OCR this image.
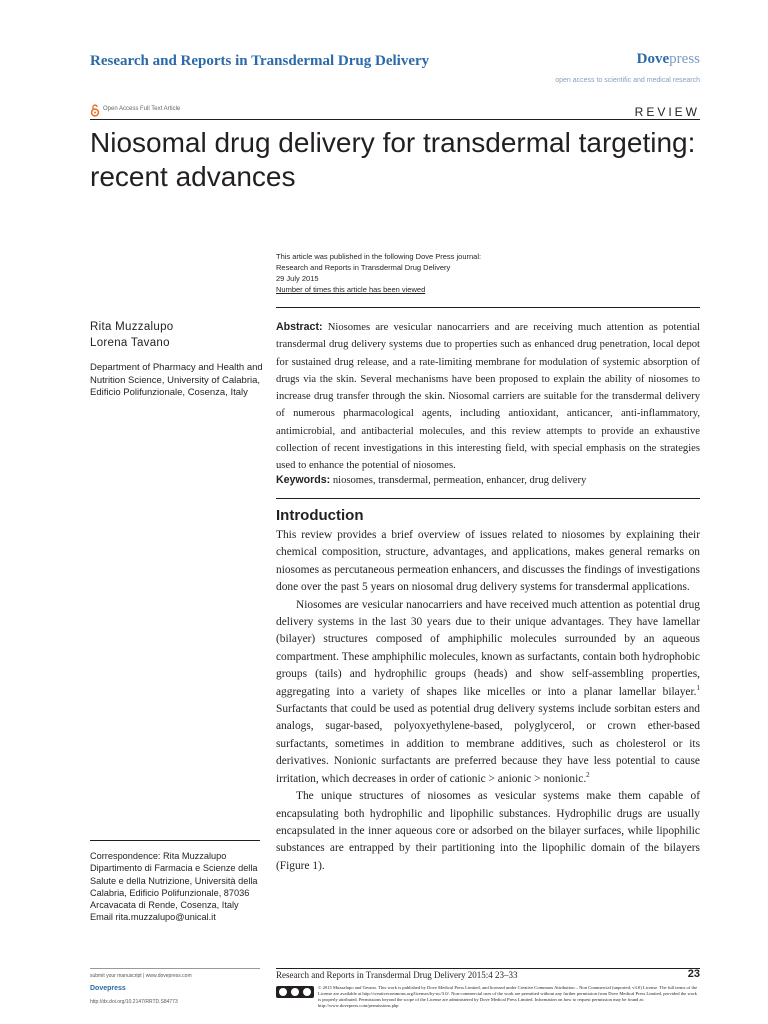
Research and Reports in Transdermal Drug Delivery	Dovepress
open access to scientific and medical research
Open Access Full Text Article	REVIEW
Niosomal drug delivery for transdermal targeting: recent advances
This article was published in the following Dove Press journal:
Research and Reports in Transdermal Drug Delivery
29 July 2015
Number of times this article has been viewed
Rita Muzzalupo
Lorena Tavano
Department of Pharmacy and Health and Nutrition Science, University of Calabria, Edificio Polifunzionale, Cosenza, Italy
Abstract: Niosomes are vesicular nanocarriers and are receiving much attention as potential transdermal drug delivery systems due to properties such as enhanced drug penetration, local depot for sustained drug release, and a rate-limiting membrane for modulation of systemic absorption of drugs via the skin. Several mechanisms have been proposed to explain the ability of niosomes to increase drug transfer through the skin. Niosomal carriers are suitable for the transdermal delivery of numerous pharmacological agents, including antioxidant, anticancer, anti-inflammatory, antimicrobial, and antibacterial molecules, and this review attempts to provide an exhaustive collection of recent investigations in this interesting field, with special emphasis on the strategies used to enhance the potential of niosomes.
Keywords: niosomes, transdermal, permeation, enhancer, drug delivery
Introduction

This review provides a brief overview of issues related to niosomes by explaining their chemical composition, structure, advantages, and applications, makes general remarks on niosomes as percutaneous permeation enhancers, and discusses the findings of investigations done over the past 5 years on niosomal drug delivery systems for transdermal applications.

Niosomes are vesicular nanocarriers and have received much attention as potential drug delivery systems in the last 30 years due to their unique advantages. They have lamellar (bilayer) structures composed of amphiphilic molecules surrounded by an aqueous compartment. These amphiphilic molecules, known as surfactants, contain both hydrophobic groups (tails) and hydrophilic groups (heads) and show self-assembling properties, aggregating into a variety of shapes like micelles or into a planar lamellar bilayer.$^1$ Surfactants that could be used as potential drug delivery systems include sorbitan esters and analogs, sugar-based, polyoxyethylene-based, polyglycerol, or crown ether-based surfactants, sometimes in addition to membrane additives, such as cholesterol or its derivatives. Nonionic surfactants are preferred because they have less potential to cause irritation, which decreases in order of cationic > anionic > nonionic.$^2$

The unique structures of niosomes as vesicular systems make them capable of encapsulating both hydrophilic and lipophilic substances. Hydrophilic drugs are usually encapsulated in the inner aqueous core or adsorbed on the bilayer surfaces, while lipophilic substances are entrapped by their partitioning into the lipophilic domain of the bilayers (Figure 1).

Correspondence: Rita Muzzalupo
Dipartimento di Farmacia e Scienze della Salute e della Nutrizione, Università della Calabria, Edificio Polifunzionale, 87036 Arcavacata di Rende, Cosenza, Italy
Email rita.muzzalupo@unical.it
submit your manuscript | www.dovepress.com
Dovepress
http://dx.doi.org/10.2147/RRTD.S84773
Research and Reports in Transdermal Drug Delivery 2015:4 23–33	23
© 2015 Muzzalupo and Tavano. This work is published by Dove Medical Press Limited, and licensed under Creative Commons Attribution – Non Commercial (unported, v3.0) License. The full terms of the License are available at http://creativecommons.org/licenses/by-nc/3.0/. Non-commercial uses of the work are permitted without any further permission from Dove Medical Press Limited, provided the work is properly attributed. Permissions beyond the scope of the License are administered by Dove Medical Press Limited. Information on how to request permission may be found at: http://www.dovepress.com/permissions.php
